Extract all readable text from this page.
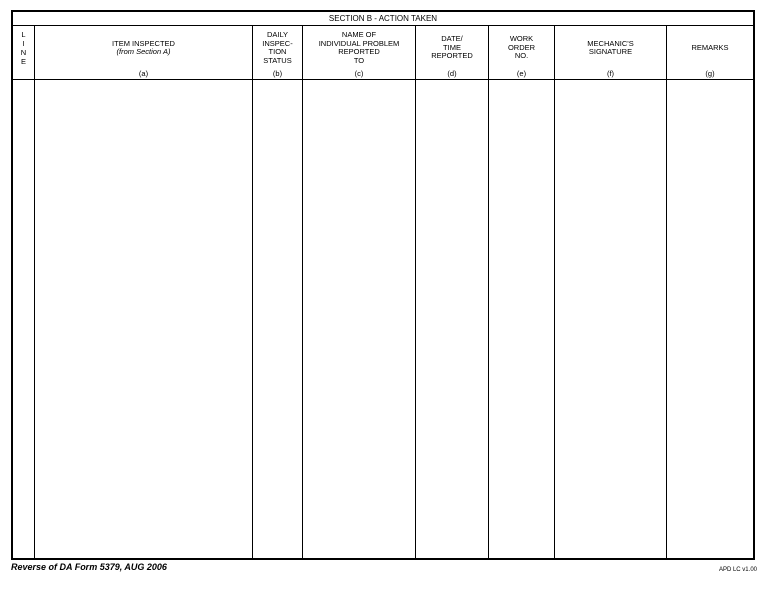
SECTION B - ACTION TAKEN
L
I
N
E
ITEM INSPECTED
(from Section A)
(a)
DAILY
INSPEC-
TION
STATUS
(b)
NAME OF
INDIVIDUAL PROBLEM
REPORTED
TO
(c)
DATE/
TIME
REPORTED
(d)
WORK
ORDER
NO.
(e)
MECHANIC'S
SIGNATURE
(f)
REMARKS
(g)
Reverse of DA Form 5379, AUG 2006	APD LC v1.00
